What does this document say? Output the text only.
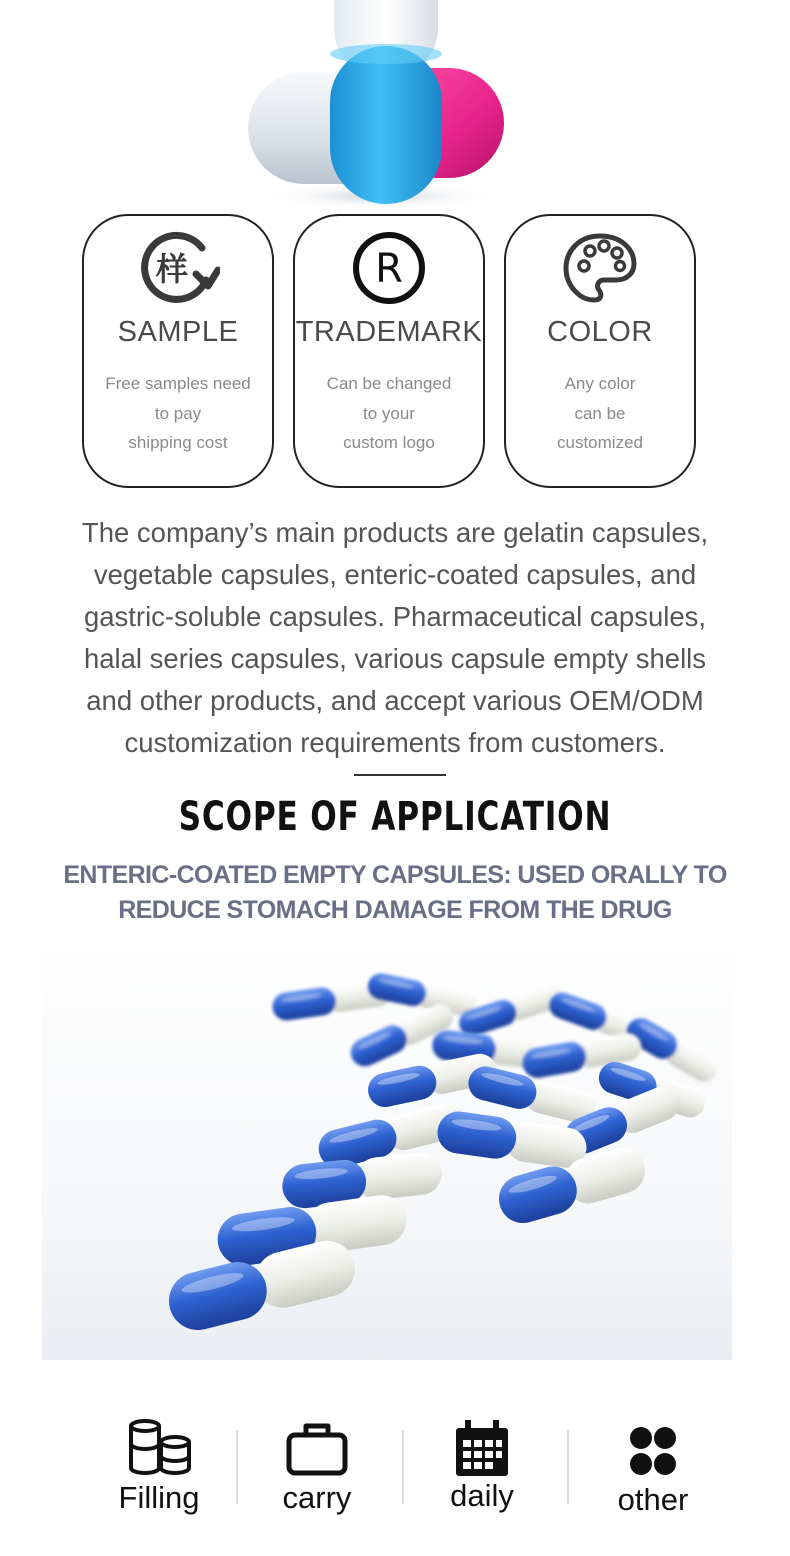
样
SAMPLE
Free samples need
to pay
shipping cost
R
TRADEMARK
Can be changed
to your
custom logo
COLOR
Any color
can be
customized
The company’s main products are gelatin capsules,
vegetable capsules, enteric-coated capsules, and
gastric-soluble capsules. Pharmaceutical capsules,
halal series capsules, various capsule empty shells
and other products, and accept various OEM/ODM
customization requirements from customers.
SCOPE OF APPLICATION
ENTERIC-COATED EMPTY CAPSULES: USED ORALLY TO
REDUCE STOMACH DAMAGE FROM THE DRUG
Filling	carry	daily	other
